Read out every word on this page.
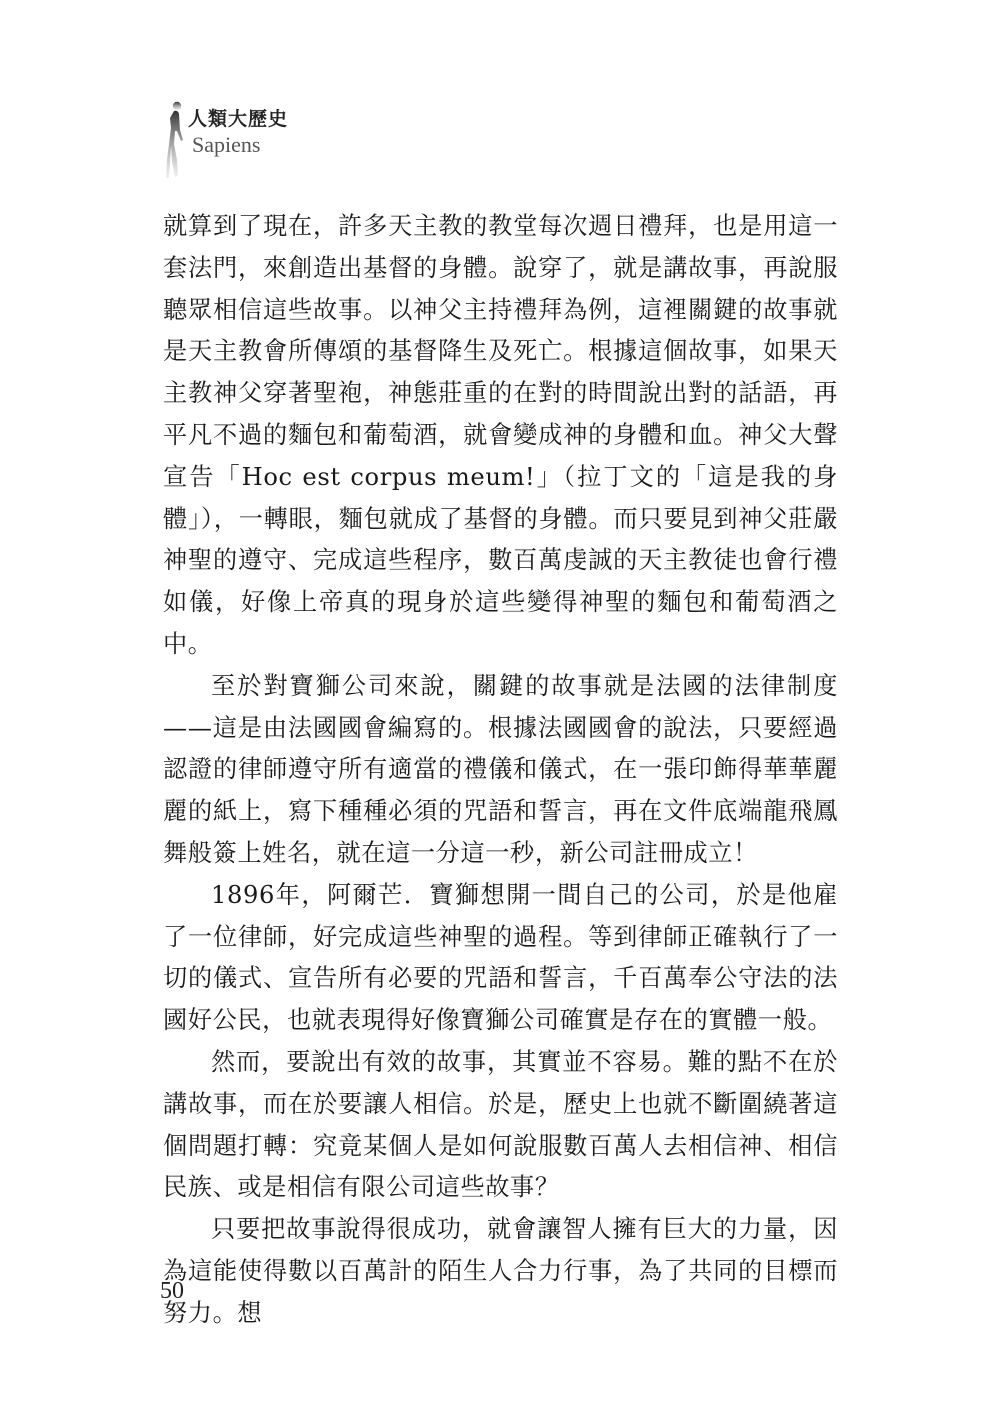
人類大歷史
Sapiens

就算到了現在，許多天主教的教堂每次週日禮拜，也是用這一套法門，來創造出基督的身體。說穿了，就是講故事，再說服聽眾相信這些故事。以神父主持禮拜為例，這裡關鍵的故事就是天主教會所傳頌的基督降生及死亡。根據這個故事，如果天主教神父穿著聖袍，神態莊重的在對的時間說出對的話語，再平凡不過的麵包和葡萄酒，就會變成神的身體和血。神父大聲宣告「Hoc est corpus meum!」（拉丁文的「這是我的身體」），一轉眼，麵包就成了基督的身體。而只要見到神父莊嚴神聖的遵守、完成這些程序，數百萬虔誠的天主教徒也會行禮如儀，好像上帝真的現身於這些變得神聖的麵包和葡萄酒之中。

至於對寶獅公司來說，關鍵的故事就是法國的法律制度——這是由法國國會編寫的。根據法國國會的說法，只要經過認證的律師遵守所有適當的禮儀和儀式，在一張印飾得華華麗麗的紙上，寫下種種必須的咒語和誓言，再在文件底端龍飛鳳舞般簽上姓名，就在這一分這一秒，新公司註冊成立！

1896年，阿爾芒．寶獅想開一間自己的公司，於是他雇了一位律師，好完成這些神聖的過程。等到律師正確執行了一切的儀式、宣告所有必要的咒語和誓言，千百萬奉公守法的法國好公民，也就表現得好像寶獅公司確實是存在的實體一般。

然而，要說出有效的故事，其實並不容易。難的點不在於講故事，而在於要讓人相信。於是，歷史上也就不斷圍繞著這個問題打轉：究竟某個人是如何說服數百萬人去相信神、相信民族、或是相信有限公司這些故事？

只要把故事說得很成功，就會讓智人擁有巨大的力量，因為這能使得數以百萬計的陌生人合力行事，為了共同的目標而努力。想

50
